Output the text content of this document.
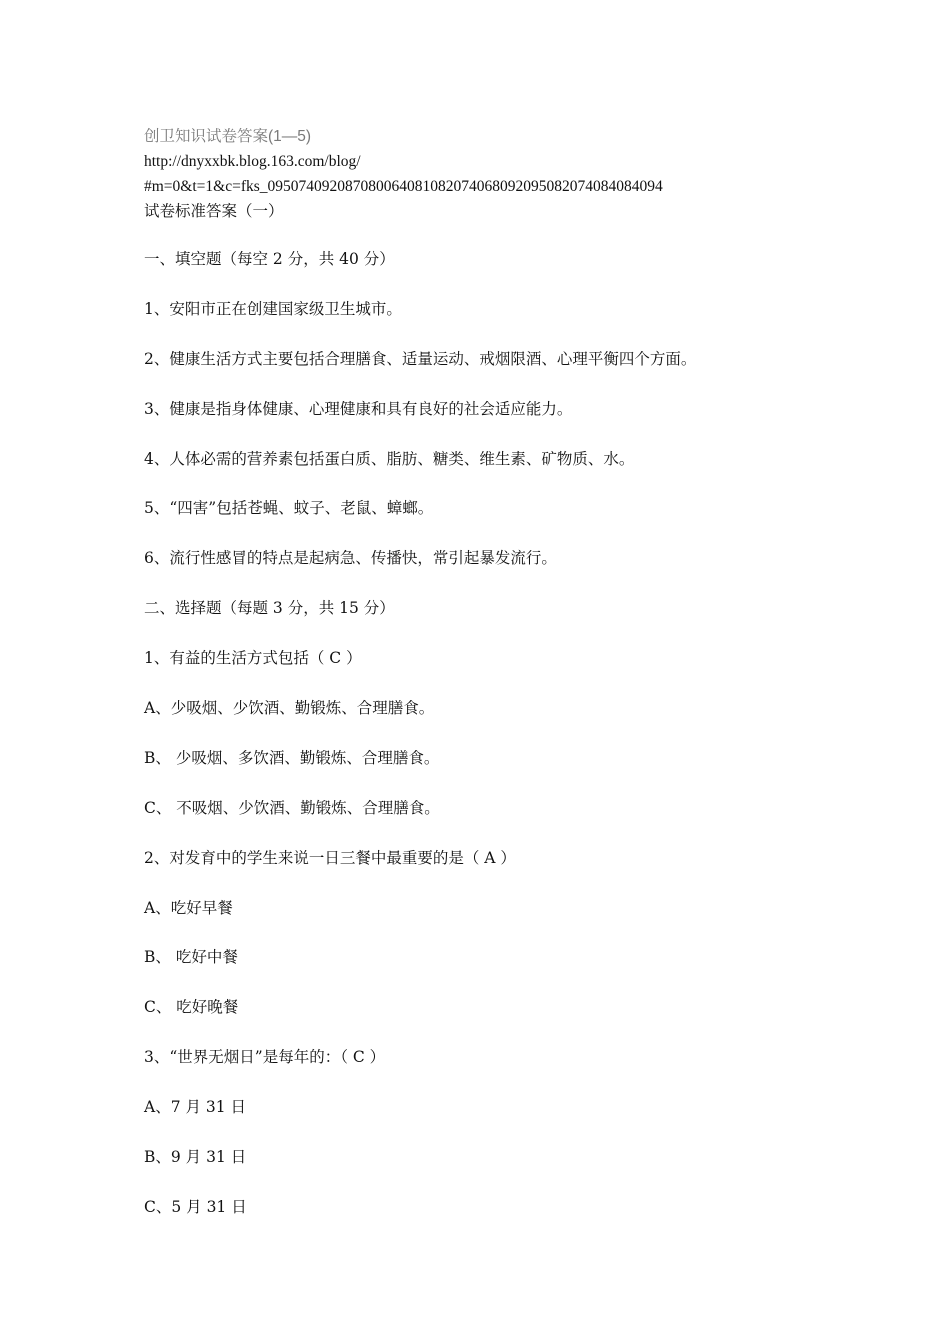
创卫知识试卷答案(1—5)
http://dnyxxbk.blog.163.com/blog/
#m=0&t=1&c=fks_095074092087080064081082074068092095082074084084094
试卷标准答案（一）
一、填空题（每空 2 分，共 40 分）
1、安阳市正在创建国家级卫生城市。
2、健康生活方式主要包括合理膳食、适量运动、戒烟限酒、心理平衡四个方面。
3、健康是指身体健康、心理健康和具有良好的社会适应能力。
4、人体必需的营养素包括蛋白质、脂肪、糖类、维生素、矿物质、水。
5、“四害”包括苍蝇、蚊子、老鼠、蟑螂。
6、流行性感冒的特点是起病急、传播快，常引起暴发流行。
二、选择题（每题 3 分，共 15 分）
1、有益的生活方式包括（ C ）
A、少吸烟、少饮酒、勤锻炼、合理膳食。
B、 少吸烟、多饮酒、勤锻炼、合理膳食。
C、 不吸烟、少饮酒、勤锻炼、合理膳食。
2、对发育中的学生来说一日三餐中最重要的是（ A ）
A、吃好早餐
B、 吃好中餐
C、 吃好晚餐
3、“世界无烟日”是每年的：（ C ）
A、7 月 31 日
B、9 月 31 日
C、5 月 31 日
